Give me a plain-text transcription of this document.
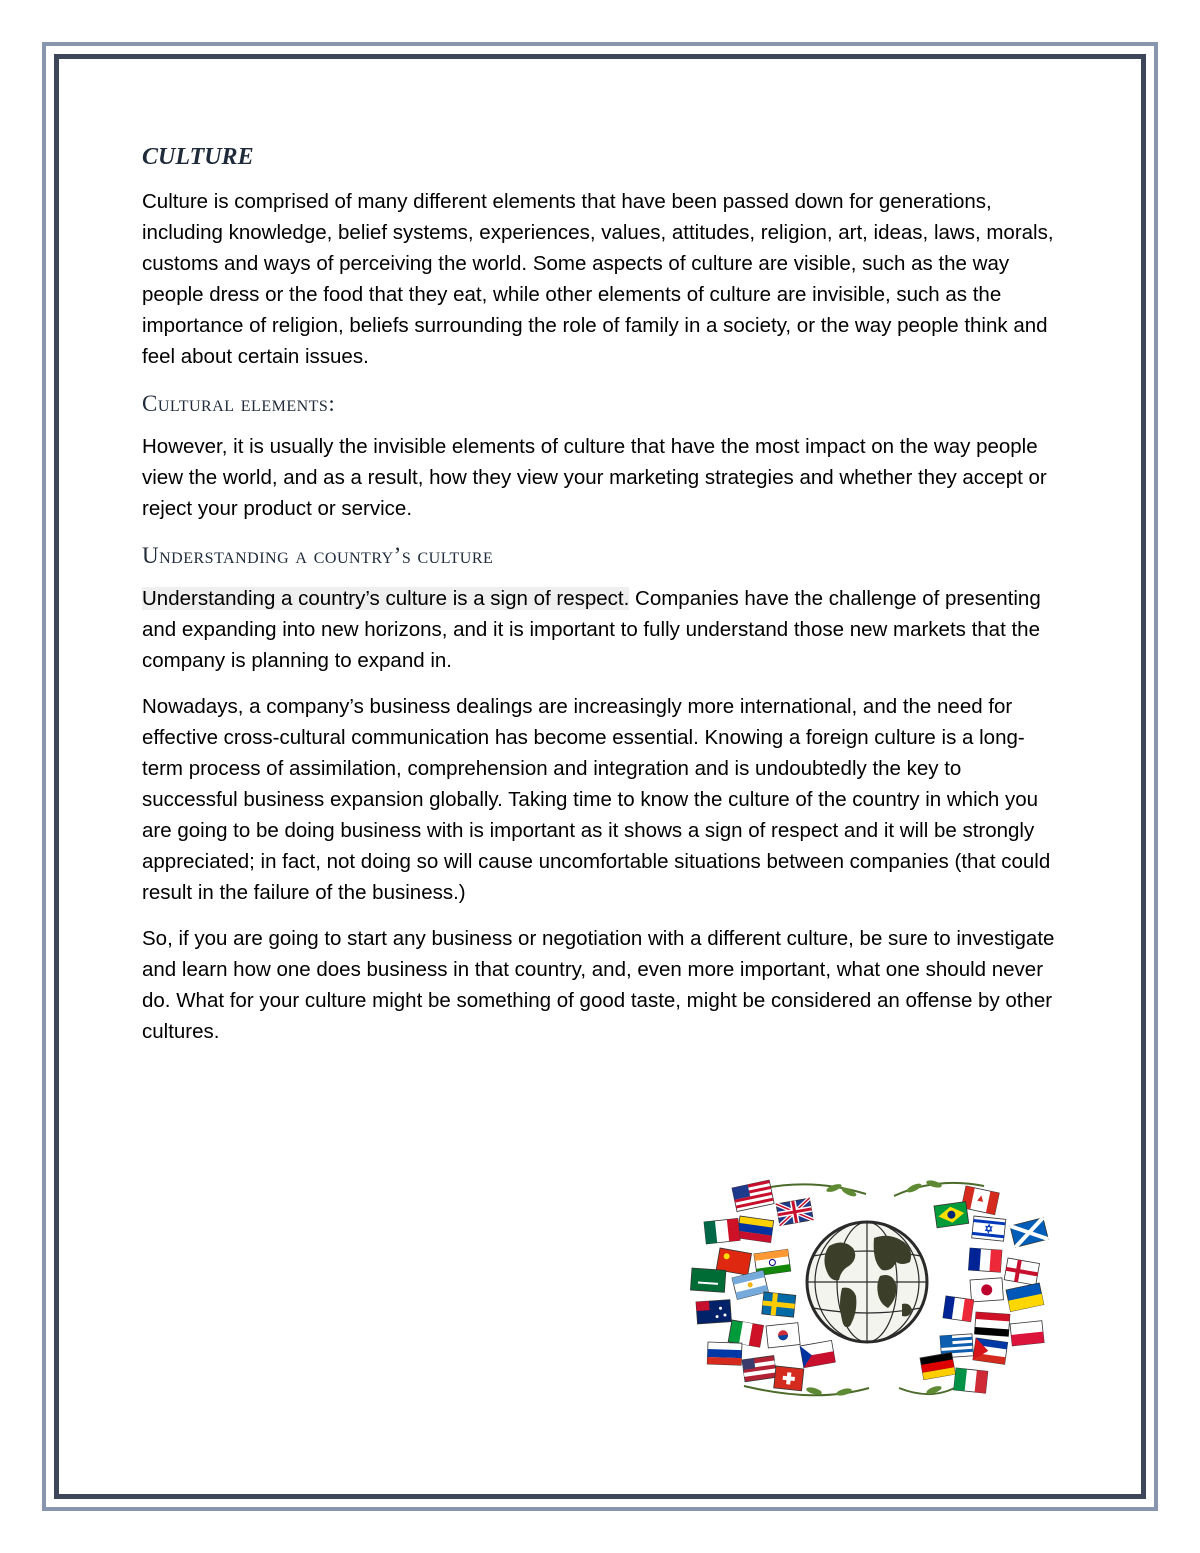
CULTURE

Culture is comprised of many different elements that have been passed down for generations, including knowledge, belief systems, experiences, values, attitudes, religion, art, ideas, laws, morals, customs and ways of perceiving the world. Some aspects of culture are visible, such as the way people dress or the food that they eat, while other elements of culture are invisible, such as the importance of religion, beliefs surrounding the role of family in a society, or the way people think and feel about certain issues.

Cultural elements:

However, it is usually the invisible elements of culture that have the most impact on the way people view the world, and as a result, how they view your marketing strategies and whether they accept or reject your product or service.

Understanding a country’s culture

Understanding a country’s culture is a sign of respect. Companies have the challenge of presenting and expanding into new horizons, and it is important to fully understand those new markets that the company is planning to expand in.

Nowadays, a company’s business dealings are increasingly more international, and the need for effective cross-cultural communication has become essential. Knowing a foreign culture is a long-term process of assimilation, comprehension and integration and is undoubtedly the key to successful business expansion globally. Taking time to know the culture of the country in which you are going to be doing business with is important as it shows a sign of respect and it will be strongly appreciated; in fact, not doing so will cause uncomfortable situations between companies (that could result in the failure of the business.)

So, if you are going to start any business or negotiation with a different culture, be sure to investigate and learn how one does business in that country, and, even more important, what one should never do. What for your culture might be something of good taste, might be considered an offense by other cultures.
